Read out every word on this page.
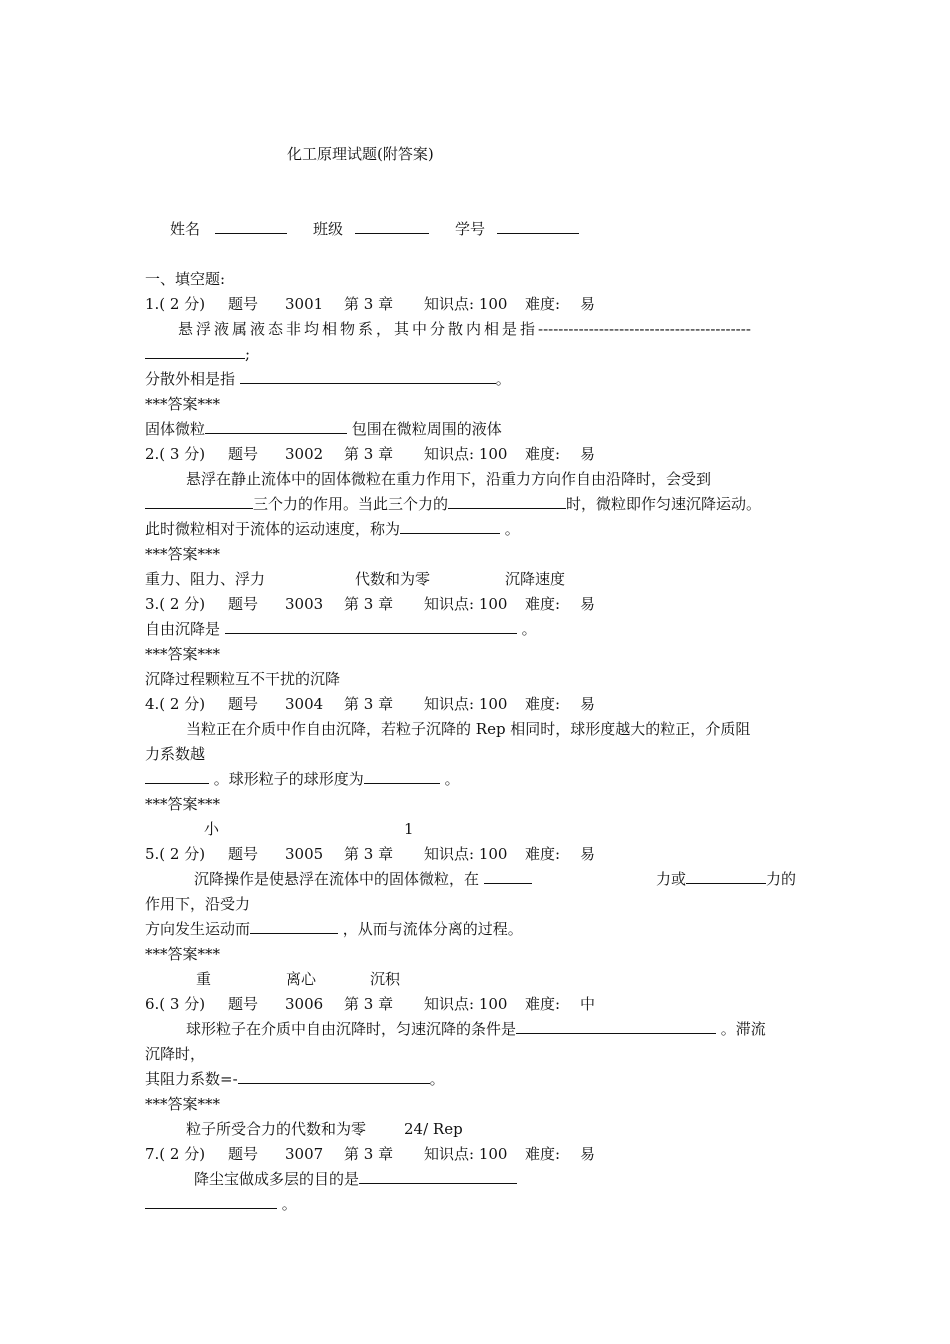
化工原理试题(附答案)
姓名	班级	学号
一、填空题:
1.( 2 分) 题号 3001 第 3 章 知识点: 100 难度: 易
悬浮液属液态非均相物系，其中分散内相是指------------------------------------------
;
分散外相是指	。
***答案***
固体微粒	包围在微粒周围的液体
2.( 3 分) 题号 3002 第 3 章 知识点: 100 难度: 易
悬浮在静止流体中的固体微粒在重力作用下，沿重力方向作自由沿降时，会受到
三个力的作用。当此三个力的	时，微粒即作匀速沉降运动。
此时微粒相对于流体的运动速度，称为	。
***答案***
重力、阻力、浮力	代数和为零	沉降速度
3.( 2 分) 题号 3003 第 3 章 知识点: 100 难度: 易
自由沉降是	。
***答案***
沉降过程颗粒互不干扰的沉降
4.( 2 分) 题号 3004 第 3 章 知识点: 100 难度: 易
当粒正在介质中作自由沉降，若粒子沉降的 Rep 相同时，球形度越大的粒正，介质阻
力系数越
。球形粒子的球形度为	。
***答案***
小	1
5.( 2 分) 题号 3005 第 3 章 知识点: 100 难度: 易
沉降操作是使悬浮在流体中的固体微粒，在	力或	力的
作用下，沿受力
方向发生运动而	，从而与流体分离的过程。
***答案***
重	离心	沉积
6.( 3 分) 题号 3006 第 3 章 知识点: 100 难度: 中
球形粒子在介质中自由沉降时，匀速沉降的条件是	。滞流
沉降时，
其阻力系数=-	。
***答案***
粒子所受合力的代数和为零	24/ Rep
7.( 2 分) 题号 3007 第 3 章 知识点: 100 难度: 易
降尘宝做成多层的目的是
。
